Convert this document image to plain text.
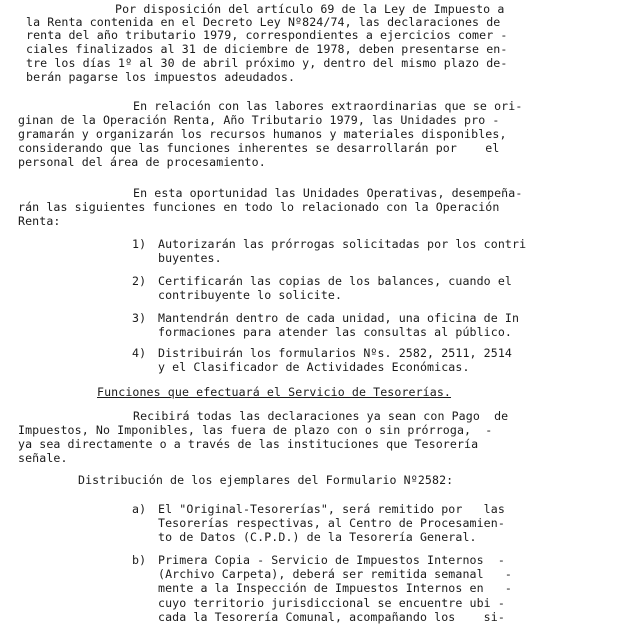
Por disposición del artículo 69 de la Ley de Impuesto a
la Renta contenida en el Decreto Ley Nº824/74, las declaraciones de
renta del año tributario 1979, correspondientes a ejercicios comer -
ciales finalizados al 31 de diciembre de 1978, deben presentarse en-
tre los días 1º al 30 de abril próximo y, dentro del mismo plazo de-
berán pagarse los impuestos adeudados.
En relación con las labores extraordinarias que se ori-
ginan de la Operación Renta, Año Tributario 1979, las Unidades pro -
gramarán y organizarán los recursos humanos y materiales disponibles,
considerando que las funciones inherentes se desarrollarán por    el
personal del área de procesamiento.
En esta oportunidad las Unidades Operativas, desempeña-
rán las siguientes funciones en todo lo relacionado con la Operación
Renta:
1) Autorizarán las prórrogas solicitadas por los contri
buyentes.
2) Certificarán las copias de los balances, cuando el
contribuyente lo solicite.
3) Mantendrán dentro de cada unidad, una oficina de In
formaciones para atender las consultas al público.
4) Distribuirán los formularios Nºs. 2582, 2511, 2514
y el Clasificador de Actividades Económicas.
Funciones que efectuará el Servicio de Tesorerías.
Recibirá todas las declaraciones ya sean con Pago  de
Impuestos, No Imponibles, las fuera de plazo con o sin prórroga,  -
ya sea directamente o a través de las instituciones que Tesorería
señale.
Distribución de los ejemplares del Formulario Nº2582:
a) El "Original-Tesorerías", será remitido por   las
Tesorerías respectivas, al Centro de Procesamien-
to de Datos (C.P.D.) de la Tesorería General.
b) Primera Copia - Servicio de Impuestos Internos  -
(Archivo Carpeta), deberá ser remitida semanal   -
mente a la Inspección de Impuestos Internos en   -
cuyo territorio jurisdiccional se encuentre ubi -
cada la Tesorería Comunal, acompañando los    si-
